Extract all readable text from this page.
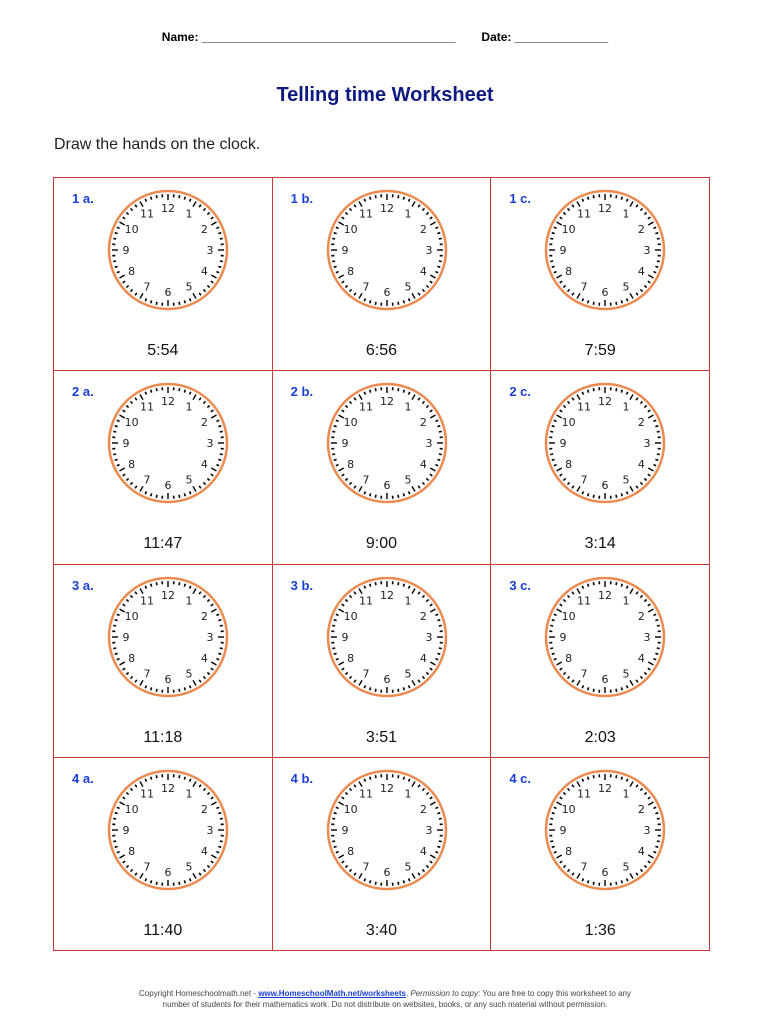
Name: ______________________________________ Date: ______________
Telling time Worksheet
Draw the hands on the clock.
1 a.
12 1
2
3
4
5
6
7
8
9
10
11
5:54
1 b.
12 1
2
3
4
5
6
7
8
9
10
11
6:56
1 c.
12 1
2
3
4
5
6
7
8
9
10
11
7:59
2 a.
12 1
2
3
4
5
6
7
8
9
10
11
11:47
2 b.
12 1
2
3
4
5
6
7
8
9
10
11
9:00
2 c.
12 1
2
3
4
5
6
7
8
9
10
11
3:14
3 a.
12 1
2
3
4
5
6
7
8
9
10
11
11:18
3 b.
12 1
2
3
4
5
6
7
8
9
10
11
3:51
3 c.
12 1
2
3
4
5
6
7
8
9
10
11
2:03
4 a.
12 1
2
3
4
5
6
7
8
9
10
11
11:40
4 b.
12 1
2
3
4
5
6
7
8
9
10
11
3:40
4 c.
12 1
2
3
4
5
6
7
8
9
10
11
1:36
Copyright Homeschoolmath.net - www.HomeschoolMath.net/worksheets. Permission to copy: You are free to copy this worksheet to any
number of students for their mathematics work. Do not distribute on websites, books, or any such material without permission.
